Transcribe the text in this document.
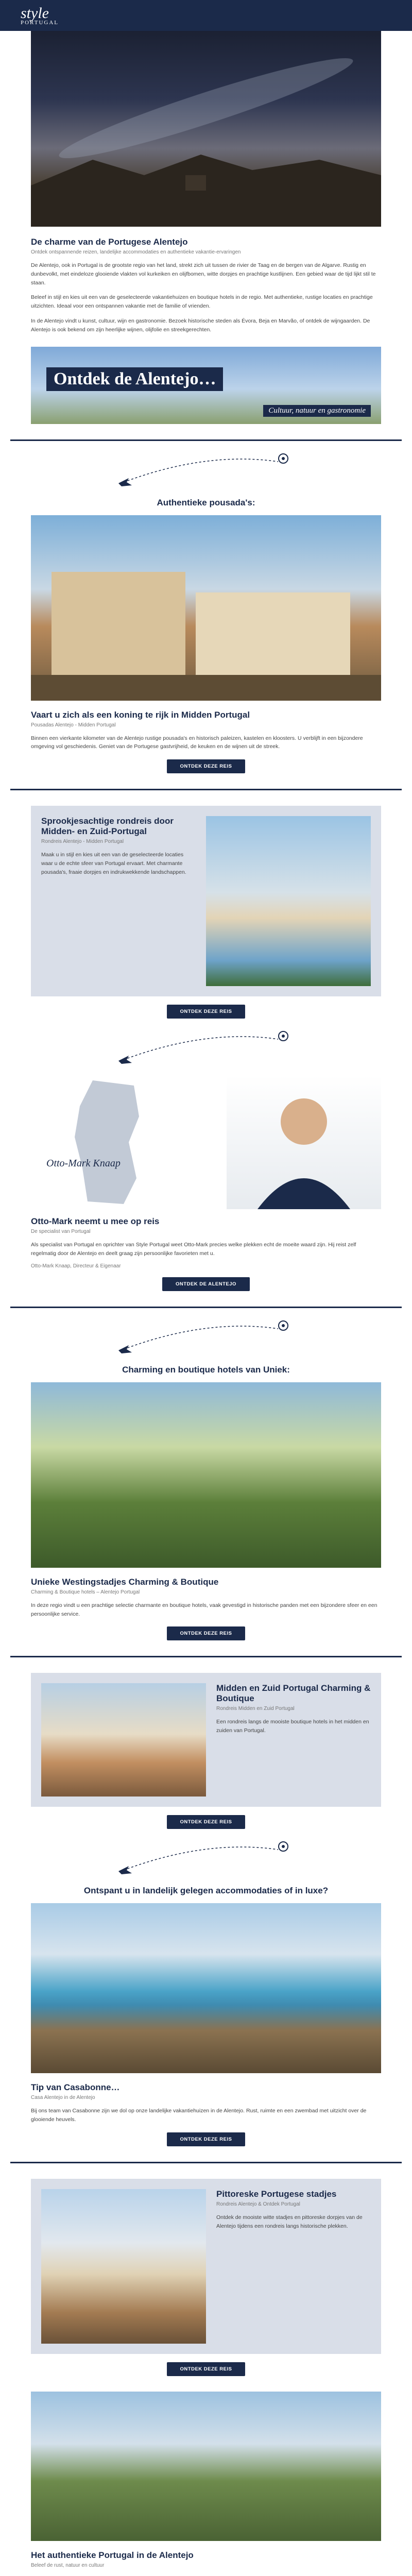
style
PORTUGAL
De charme van de Portugese Alentejo
Ontdek ontspannende reizen, landelijke accommodaties en authentieke vakantie-ervaringen

De Alentejo, ook in Portugal is de grootste regio van het land, strekt zich uit tussen de rivier de Taag en de bergen van de Algarve. Rustig en dunbevolkt, met eindeloze glooiende vlakten vol kurkeiken en olijfbomen, witte dorpjes en prachtige kustlijnen. Een gebied waar de tijd lijkt stil te staan.

Beleef in stijl en kies uit een van de geselecteerde vakantiehuizen en boutique hotels in de regio. Met authentieke, rustige locaties en prachtige uitzichten. Ideaal voor een ontspannen vakantie met de familie of vrienden.

In de Alentejo vindt u kunst, cultuur, wijn en gastronomie. Bezoek historische steden als Évora, Beja en Marvão, of ontdek de wijngaarden. De Alentejo is ook bekend om zijn heerlijke wijnen, olijfolie en streekgerechten.

Ontdek de Alentejo…
Cultuur, natuur en gastronomie
Authentieke pousada's:
Vaart u zich als een koning te rijk in Midden Portugal
Pousadas Alentejo - Midden Portugal

Binnen een vierkante kilometer van de Alentejo rustige pousada's en historisch paleizen, kastelen en kloosters. U verblijft in een bijzondere omgeving vol geschiedenis. Geniet van de Portugese gastvrijheid, de keuken en de wijnen uit de streek.

ONTDEK DEZE REIS
Sprookjesachtige rondreis door Midden- en Zuid-Portugal
Rondreis Alentejo - Midden Portugal

Maak u in stijl en kies uit een van de geselecteerde locaties waar u de echte sfeer van Portugal ervaart. Met charmante pousada's, fraaie dorpjes en indrukwekkende landschappen.

ONTDEK DEZE REIS
Otto-Mark Knaap
Otto-Mark neemt u mee op reis
De specialist van Portugal

Als specialist van Portugal en oprichter van Style Portugal weet Otto-Mark precies welke plekken echt de moeite waard zijn. Hij reist zelf regelmatig door de Alentejo en deelt graag zijn persoonlijke favorieten met u.

Otto-Mark Knaap, Directeur & Eigenaar
ONTDEK DE ALENTEJO
Charming en boutique hotels van Uniek:
Unieke Westingstadjes Charming & Boutique
Charming & Boutique hotels – Alentejo Portugal

In deze regio vindt u een prachtige selectie charmante en boutique hotels, vaak gevestigd in historische panden met een bijzondere sfeer en een persoonlijke service.

ONTDEK DEZE REIS
Midden en Zuid Portugal Charming & Boutique
Rondreis Midden en Zuid Portugal

Een rondreis langs de mooiste boutique hotels in het midden en zuiden van Portugal.

ONTDEK DEZE REIS
Ontspant u in landelijk gelegen accommodaties of in luxe?
Tip van Casabonne…
Casa Alentejo in de Alentejo

Bij ons team van Casabonne zijn we dol op onze landelijke vakantiehuizen in de Alentejo. Rust, ruimte en een zwembad met uitzicht over de glooiende heuvels.

ONTDEK DEZE REIS
Pittoreske Portugese stadjes
Rondreis Alentejo & Ontdek Portugal

Ontdek de mooiste witte stadjes en pittoreske dorpjes van de Alentejo tijdens een rondreis langs historische plekken.

ONTDEK DEZE REIS
Het authentieke Portugal in de Alentejo
Beleef de rust, natuur en cultuur
